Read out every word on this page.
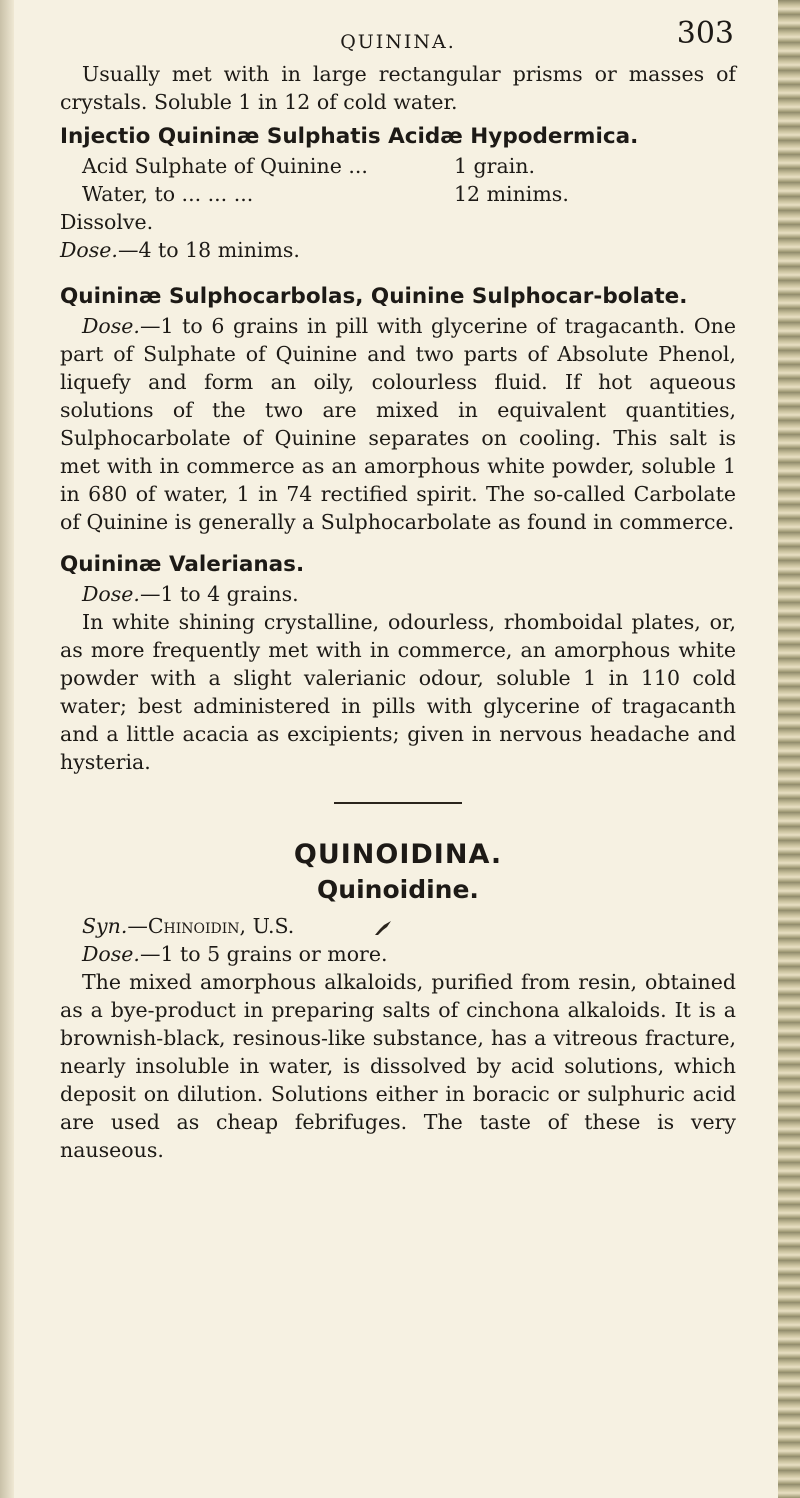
QUININA.	303

Usually met with in large rectangular prisms or masses of crystals. Soluble 1 in 12 of cold water.

Injectio Quininæ Sulphatis Acidæ Hypodermica.
Acid Sulphate of Quinine ...	1 grain.
Water, to ... ... ...	12 minims.

Dissolve.

Dose.—4 to 18 minims.

Quininæ Sulphocarbolas, Quinine Sulphocar-bolate.

Dose.—1 to 6 grains in pill with glycerine of tragacanth. One part of Sulphate of Quinine and two parts of Absolute Phenol, liquefy and form an oily, colourless fluid. If hot aqueous solutions of the two are mixed in equivalent quantities, Sulphocarbolate of Quinine separates on cooling. This salt is met with in commerce as an amorphous white powder, soluble 1 in 680 of water, 1 in 74 rectified spirit. The so-called Carbolate of Quinine is generally a Sulphocarbolate as found in commerce.

Quininæ Valerianas.

Dose.—1 to 4 grains.

In white shining crystalline, odourless, rhomboidal plates, or, as more frequently met with in commerce, an amorphous white powder with a slight valerianic odour, soluble 1 in 110 cold water; best administered in pills with glycerine of tragacanth and a little acacia as excipients; given in nervous headache and hysteria.

QUINOIDINA.
Quinoidine.

Syn.—Chinoidin, U.S.

Dose.—1 to 5 grains or more.

The mixed amorphous alkaloids, purified from resin, obtained as a bye-product in preparing salts of cinchona alkaloids. It is a brownish-black, resinous-like substance, has a vitreous fracture, nearly insoluble in water, is dissolved by acid solutions, which deposit on dilution. Solutions either in boracic or sulphuric acid are used as cheap febrifuges. The taste of these is very nauseous.
